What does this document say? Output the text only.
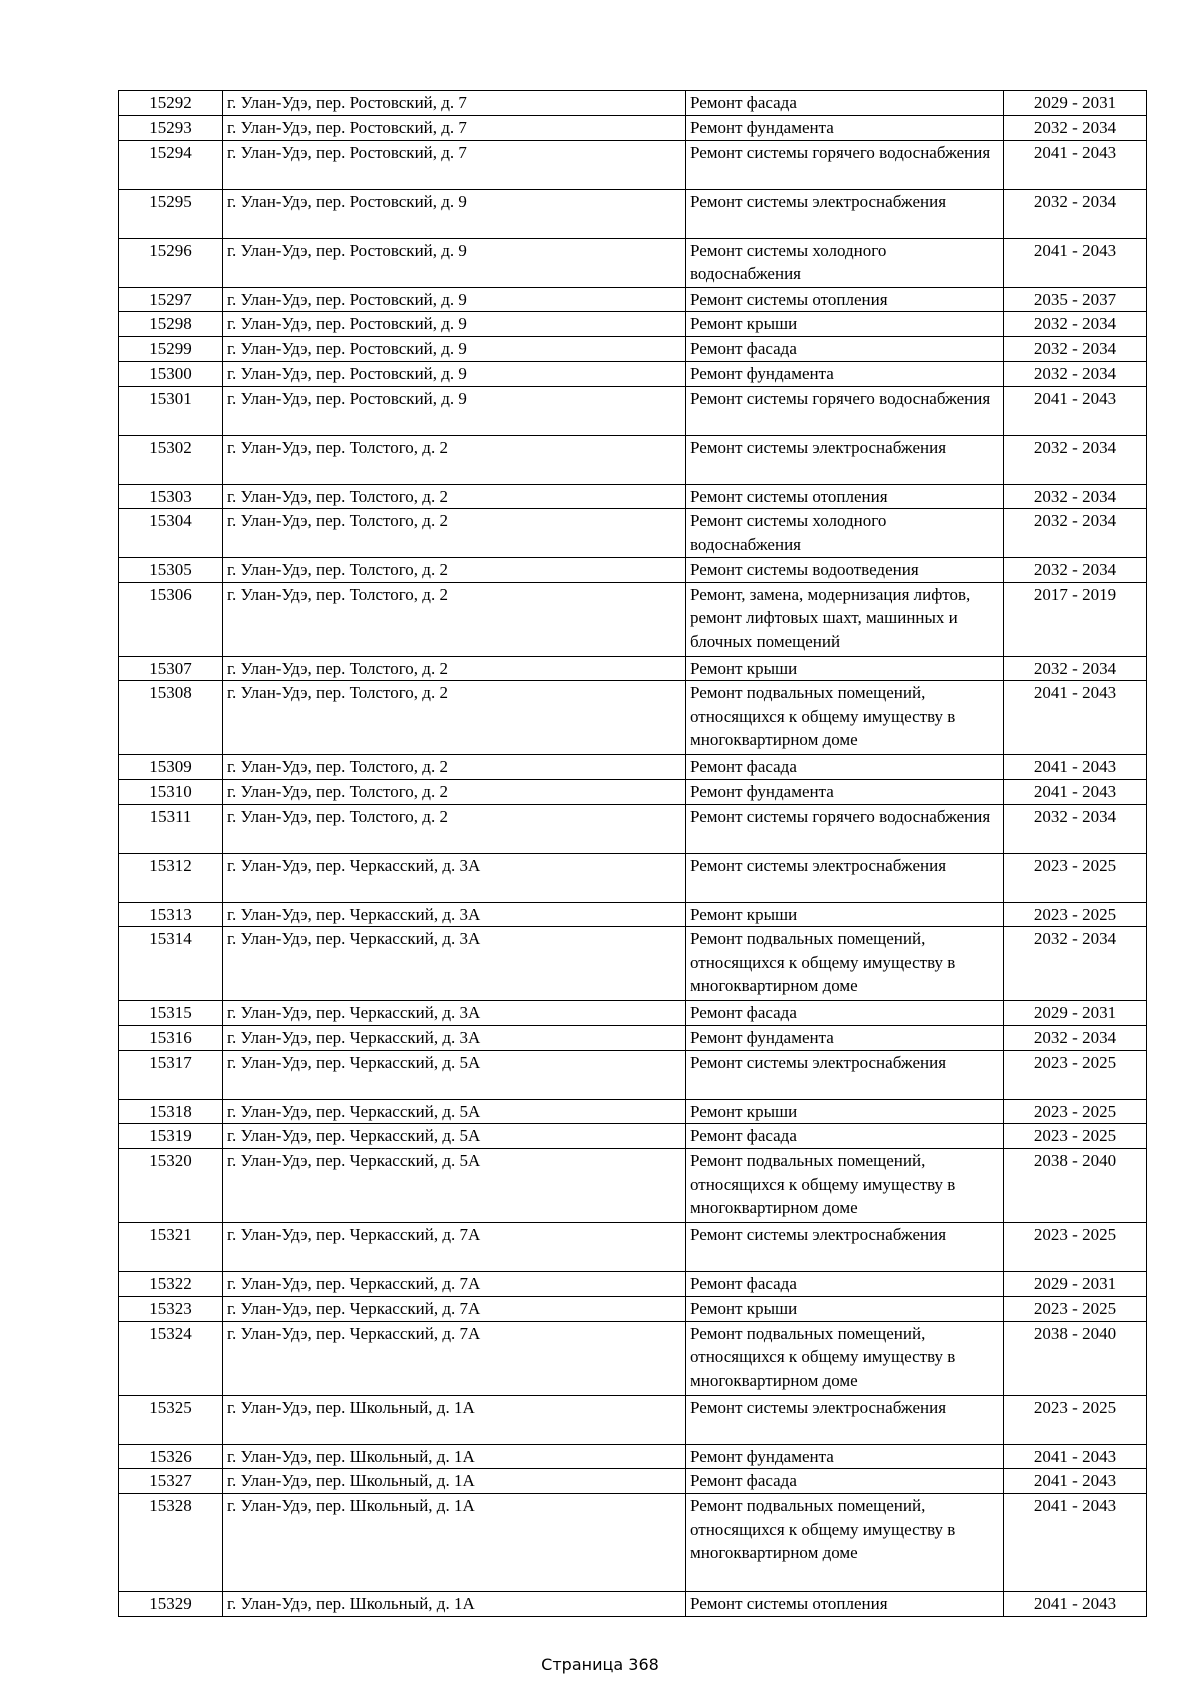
15292	г. Улан-Удэ, пер. Ростовский, д. 7	Ремонт фасада	2029 - 2031
15293	г. Улан-Удэ, пер. Ростовский, д. 7	Ремонт фундамента	2032 - 2034
15294	г. Улан-Удэ, пер. Ростовский, д. 7	Ремонт системы горячего водоснабжения	2041 - 2043
15295	г. Улан-Удэ, пер. Ростовский, д. 9	Ремонт системы электроснабжения	2032 - 2034
15296	г. Улан-Удэ, пер. Ростовский, д. 9	Ремонт системы холодного водоснабжения	2041 - 2043
15297	г. Улан-Удэ, пер. Ростовский, д. 9	Ремонт системы отопления	2035 - 2037
15298	г. Улан-Удэ, пер. Ростовский, д. 9	Ремонт крыши	2032 - 2034
15299	г. Улан-Удэ, пер. Ростовский, д. 9	Ремонт фасада	2032 - 2034
15300	г. Улан-Удэ, пер. Ростовский, д. 9	Ремонт фундамента	2032 - 2034
15301	г. Улан-Удэ, пер. Ростовский, д. 9	Ремонт системы горячего водоснабжения	2041 - 2043
15302	г. Улан-Удэ, пер. Толстого, д. 2	Ремонт системы электроснабжения	2032 - 2034
15303	г. Улан-Удэ, пер. Толстого, д. 2	Ремонт системы отопления	2032 - 2034
15304	г. Улан-Удэ, пер. Толстого, д. 2	Ремонт системы холодного водоснабжения	2032 - 2034
15305	г. Улан-Удэ, пер. Толстого, д. 2	Ремонт системы водоотведения	2032 - 2034
15306	г. Улан-Удэ, пер. Толстого, д. 2	Ремонт, замена, модернизация лифтов, ремонт лифтовых шахт, машинных и блочных помещений	2017 - 2019
15307	г. Улан-Удэ, пер. Толстого, д. 2	Ремонт крыши	2032 - 2034
15308	г. Улан-Удэ, пер. Толстого, д. 2	Ремонт подвальных помещений, относящихся к общему имуществу в многоквартирном доме	2041 - 2043
15309	г. Улан-Удэ, пер. Толстого, д. 2	Ремонт фасада	2041 - 2043
15310	г. Улан-Удэ, пер. Толстого, д. 2	Ремонт фундамента	2041 - 2043
15311	г. Улан-Удэ, пер. Толстого, д. 2	Ремонт системы горячего водоснабжения	2032 - 2034
15312	г. Улан-Удэ, пер. Черкасский, д. 3А	Ремонт системы электроснабжения	2023 - 2025
15313	г. Улан-Удэ, пер. Черкасский, д. 3А	Ремонт крыши	2023 - 2025
15314	г. Улан-Удэ, пер. Черкасский, д. 3А	Ремонт подвальных помещений, относящихся к общему имуществу в многоквартирном доме	2032 - 2034
15315	г. Улан-Удэ, пер. Черкасский, д. 3А	Ремонт фасада	2029 - 2031
15316	г. Улан-Удэ, пер. Черкасский, д. 3А	Ремонт фундамента	2032 - 2034
15317	г. Улан-Удэ, пер. Черкасский, д. 5А	Ремонт системы электроснабжения	2023 - 2025
15318	г. Улан-Удэ, пер. Черкасский, д. 5А	Ремонт крыши	2023 - 2025
15319	г. Улан-Удэ, пер. Черкасский, д. 5А	Ремонт фасада	2023 - 2025
15320	г. Улан-Удэ, пер. Черкасский, д. 5А	Ремонт подвальных помещений, относящихся к общему имуществу в многоквартирном доме	2038 - 2040
15321	г. Улан-Удэ, пер. Черкасский, д. 7А	Ремонт системы электроснабжения	2023 - 2025
15322	г. Улан-Удэ, пер. Черкасский, д. 7А	Ремонт фасада	2029 - 2031
15323	г. Улан-Удэ, пер. Черкасский, д. 7А	Ремонт крыши	2023 - 2025
15324	г. Улан-Удэ, пер. Черкасский, д. 7А	Ремонт подвальных помещений, относящихся к общему имуществу в многоквартирном доме	2038 - 2040
15325	г. Улан-Удэ, пер. Школьный, д. 1А	Ремонт системы электроснабжения	2023 - 2025
15326	г. Улан-Удэ, пер. Школьный, д. 1А	Ремонт фундамента	2041 - 2043
15327	г. Улан-Удэ, пер. Школьный, д. 1А	Ремонт фасада	2041 - 2043
15328	г. Улан-Удэ, пер. Школьный, д. 1А	Ремонт подвальных помещений, относящихся к общему имуществу в многоквартирном доме	2041 - 2043
15329	г. Улан-Удэ, пер. Школьный, д. 1А	Ремонт системы отопления	2041 - 2043
Страница 368
